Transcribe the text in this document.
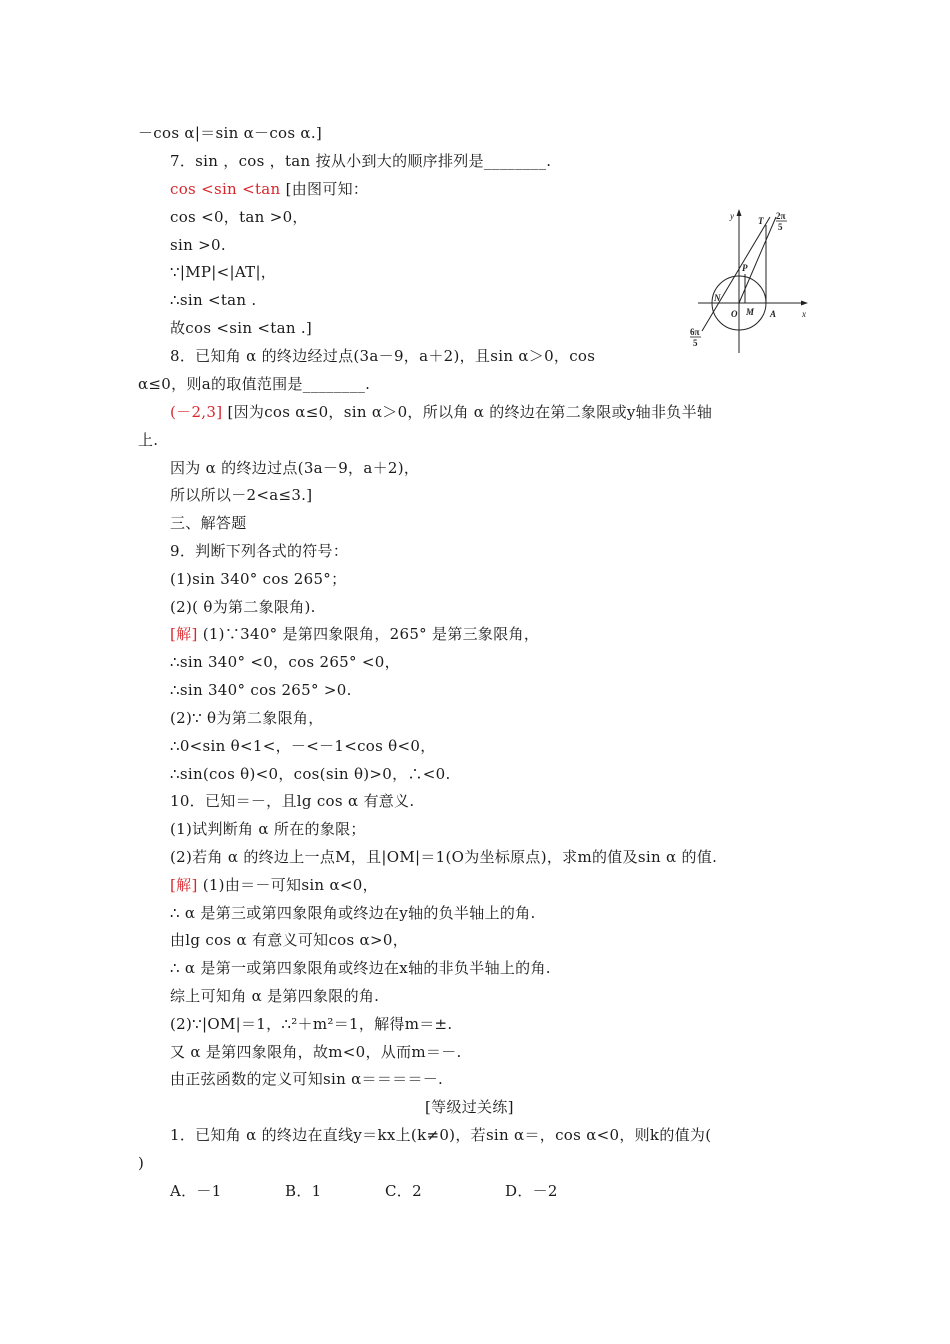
－cos α|＝sin α－cos α.]
7．sin ，cos ，tan 按从小到大的顺序排列是________.
cos <sin <tan [由图可知：
cos <0，tan >0，
sin >0.
∵|MP|<|AT|，
∴sin <tan .
故cos <sin <tan .]
y
x
T 2π
5
P
N
M
O	A
6π
5
8．已知角 α 的终边经过点(3a－9，a＋2)，且sin α＞0，cos
α≤0，则a的取值范围是________.
(－2,3] [因为cos α≤0，sin α＞0，所以角 α 的终边在第二象限或y轴非负半轴
上.
因为 α 的终边过点(3a－9，a＋2)，
所以所以－2<a≤3.]
三、解答题
9．判断下列各式的符号：
(1)sin 340° cos 265°；
(2)( θ为第二象限角).
[解] (1)∵340° 是第四象限角，265° 是第三象限角，
∴sin 340° <0，cos 265° <0，
∴sin 340° cos 265° >0.
(2)∵ θ为第二象限角，
∴0<sin θ<1<，－<－1<cos θ<0，
∴sin(cos θ)<0，cos(sin θ)>0，∴<0.
10．已知＝－，且lg cos α 有意义.
(1)试判断角 α 所在的象限；
(2)若角 α 的终边上一点M，且|OM|＝1(O为坐标原点)，求m的值及sin α 的值.
[解] (1)由＝－可知sin α<0，
∴ α 是第三或第四象限角或终边在y轴的负半轴上的角.
由lg cos α 有意义可知cos α>0，
∴ α 是第一或第四象限角或终边在x轴的非负半轴上的角.
综上可知角 α 是第四象限的角.
(2)∵|OM|＝1，∴²＋m²＝1，解得m＝±.
又 α 是第四象限角，故m<0，从而m＝－.
由正弦函数的定义可知sin α＝＝＝＝－.
[等级过关练]
1．已知角 α 的终边在直线y＝kx上(k≠0)，若sin α＝，cos α<0，则k的值为(
)
A．－1	B．1	C．2	D．－2
